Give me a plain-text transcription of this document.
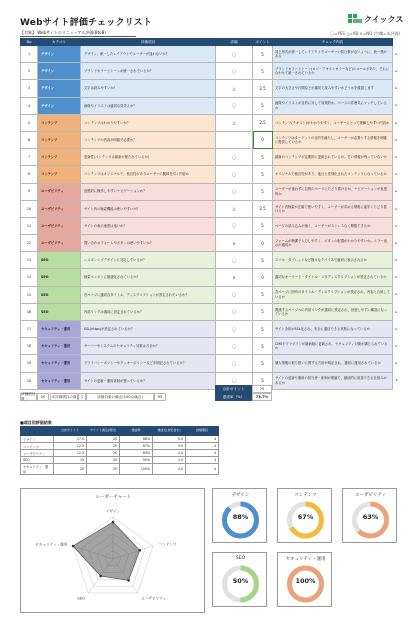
Webサイト評価チェックリスト	クイックス
【対象】 Webサイトのリニューアル評価(BtoB)	〇=YES △=AB ×=NO (空欄=未評価)
No	カテゴリ	評価項目	評価	ポイント	チェック内容	
1	デザイン	デザイン、統一したレイアウトでユーザーが迷わないか？	〇	5	同じ形式が統一してレイアウトでユーザーの悩む事がないように、統一感がある	▸
2	デザイン	ブランドカラーとトーンが統一されているか？	〇	5	ブランドカラーとトーン(ロゴ・テキストカラーなど)のルールがあり、それに合わせて統一されているか	▸
3	デザイン	文字は読みやすいか？	△	2.5	文字の大きさや行間などが適切で読みやすいかどうかを確認します	▸
4	デザイン	画像やイラストは適切な見栄えか？	〇	5	画像やイラストが目的に対して効果的か、ページの雰囲気にマッチしているか	▸
5	コンテンツ	コンテンツはわかりやすいか？	△	2.5	コンテンツ(テキスト)がわかりやすく、ユーザーにとって理解しやすい内容か	▸
6	コンテンツ	コンテンツの内容が明確で必要か？		0	コンテンツはターゲットの目的を満たし、ユーザーが必要とする情報を明確に提供しているか	▸
7	コンテンツ	更新性(コンテンツは最新が保たれているか)	〇	5	最新のコンテンツが定期的に更新されているか、古い情報が残っていないか	▸
8	コンテンツ	コンテンツはオリジナルで、独自性がありユーザーの興味を引く内容か	〇	5	オリジナルで独自性があり、他社と差別化されたコンテンツになっているか	▸
9	ユーザビリティ	直感的に操作しやすいナビゲーションか？	〇	5	ユーザーが迷わずに目的のページにたどり着けるか、ナビゲーションが直感的か	▸
10	ユーザビリティ	サイト内の検索機能は使いやすいか？	△	2.5	サイト内検索が正確で使いやすく、ユーザーが求める情報に素早くたどり着けるか	▸
11	ユーザビリティ	サイトの表示速度は速いか？	〇	5	ページの読み込みが速く、ユーザーがストレスなく閲覧できるか	▸
12	ユーザビリティ	問い合わせフォームやボタンは使いやすいか？	×	0	フォームが簡潔で入力しやすく、ボタンの配置がわかりやすいか。エラー表示が適切か	▸
13	SEO	レスポンシブデザインに対応しているか？	〇	5	スマホ・タブレットなど様々なデバイスで適切に表示されるか	▸
14	SEO	検索エンジンに最適化されているか？	×	0	適切なキーワード・タイトル・メタディスクリプションが設定されているか	▸
15	SEO	各ページに適切なタイトル、ディスクリプションが設定されているか？	〇	5	各ページに固有のタイトル・ディスクリプションが設定され、内容と合致しているか	▸
16	SEO	内部リンクは適切に設定されているか？	〇	5	関連するページへの内部リンクが適切に設定され、回遊しやすい構造になっているか	▸
17	セキュリティ・運用	SSL(https)が設定されているか？	〇	5	サイト全体がSSL化され、安全に通信できる状態になっているか	▸
18	セキュリティ・運用	サーバーやシステムのセキュリティ対策は万全か？	〇	5	CMSやプラグインが最新版に更新され、セキュリティ対策が講じられているか	▸
19	セキュリティ・運用	プライバシーポリシーやクッキーポリシーなどが明記されているか？	〇	5	個人情報の取り扱いに関する方針が明記され、適切に運用されているか	▸
20	セキュリティ・運用	サイトの更新・運用体制が整っているか？	〇	5	サイトの更新や運用の担当者・体制が明確で、継続的に改善できる仕組みがあるか	▸
合計ポイント	70
評価項目数	20	未評価項目の数	1	評価対象の満点(100点満点)	95	達成率（%）	73.7%
■項目別評価結果
	合計ポイント	ポイント満点(項目)	達成率	達成点(対応含む)	評価項目
デザイン	17.5	20	88%	5.0	4
コンテンツ	12.5	20	67%	3.0	4
ユーザビリティ	12.5	20	63%	4.0	4
SEO	15	20	50%	3.0	4
セキュリティ・運用	20	20	100%	4.0	4
レーダーチャート
デザイン
コンテンツ
ユーザビリティ
SEO
セキュリティ・運用
デザイン
88%
コンテンツ
67%
ユーザビリティ
63%
SEO
50%
セキュリティ・運用
100%
